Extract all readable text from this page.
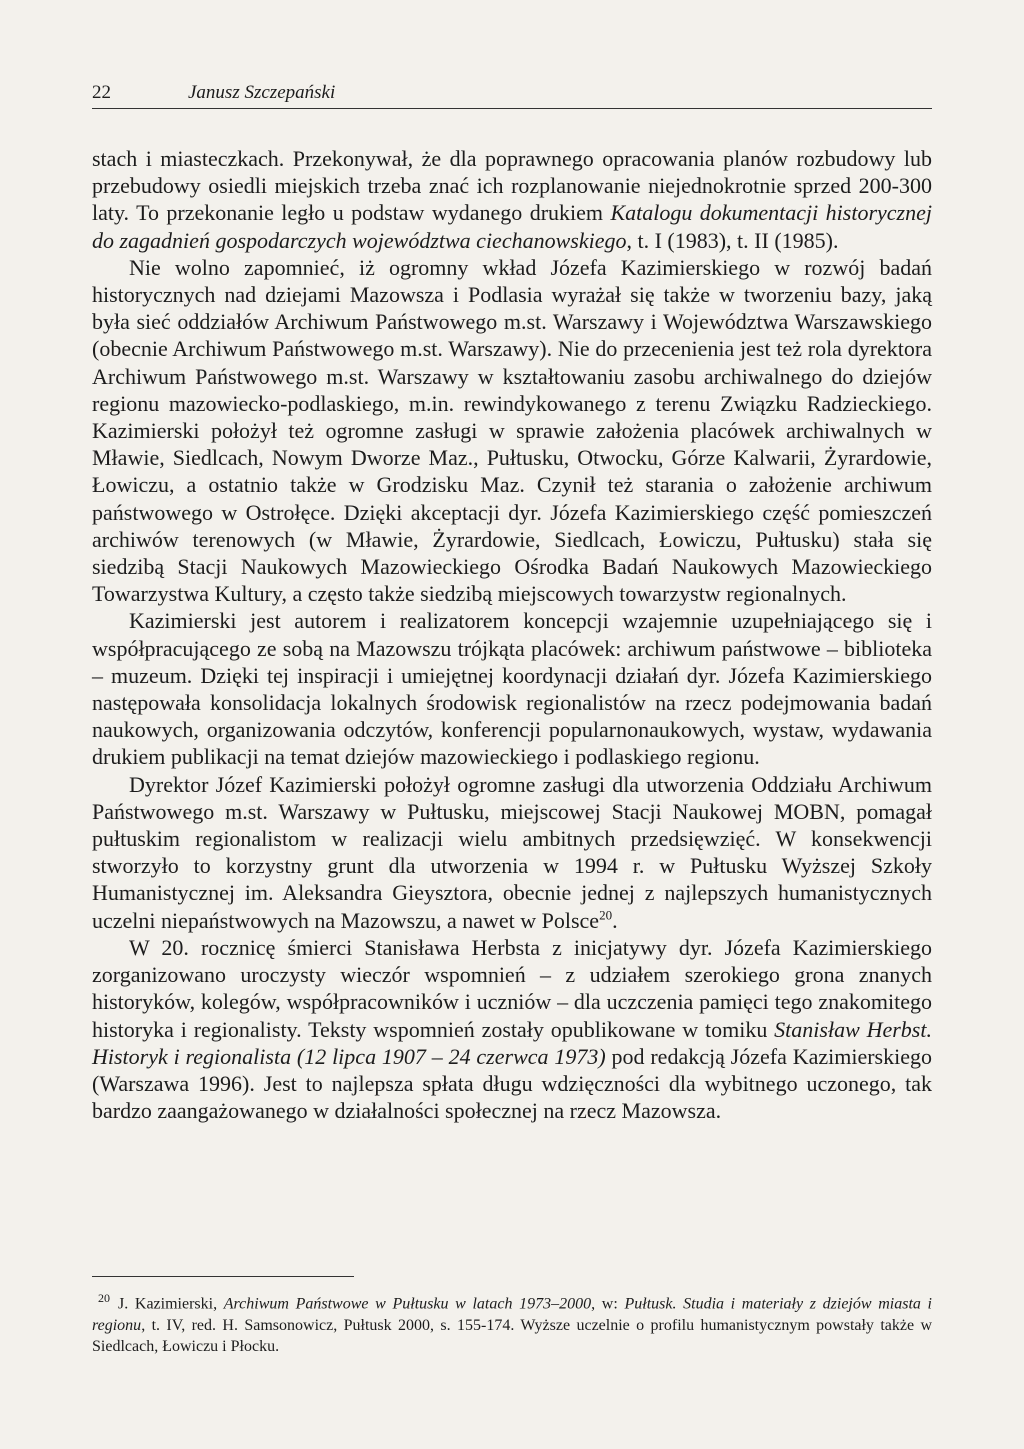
22	Janusz Szczepański

stach i miasteczkach. Przekonywał, że dla poprawnego opracowania planów rozbudowy lub przebudowy osiedli miejskich trzeba znać ich rozplanowanie niejednokrotnie sprzed 200-300 laty. To przekonanie legło u podstaw wydanego drukiem Katalogu dokumentacji historycznej do zagadnień gospodarczych województwa ciechanowskiego, t. I (1983), t. II (1985).

Nie wolno zapomnieć, iż ogromny wkład Józefa Kazimierskiego w rozwój badań historycznych nad dziejami Mazowsza i Podlasia wyrażał się także w tworzeniu bazy, jaką była sieć oddziałów Archiwum Państwowego m.st. Warszawy i Województwa Warszawskiego (obecnie Archiwum Państwowego m.st. Warszawy). Nie do przecenienia jest też rola dyrektora Archiwum Państwowego m.st. Warszawy w kształtowaniu zasobu archiwalnego do dziejów regionu mazowiecko-podlaskiego, m.in. rewindykowanego z terenu Związku Radzieckiego. Kazimierski położył też ogromne zasługi w sprawie założenia placówek archiwalnych w Mławie, Siedlcach, Nowym Dworze Maz., Pułtusku, Otwocku, Górze Kalwarii, Żyrardowie, Łowiczu, a ostatnio także w Grodzisku Maz. Czynił też starania o założenie archiwum państwowego w Ostrołęce. Dzięki akceptacji dyr. Józefa Kazimierskiego część pomieszczeń archiwów terenowych (w Mławie, Żyrardowie, Siedlcach, Łowiczu, Pułtusku) stała się siedzibą Stacji Naukowych Mazowieckiego Ośrodka Badań Naukowych Mazowieckiego Towarzystwa Kultury, a często także siedzibą miejscowych towarzystw regionalnych.

Kazimierski jest autorem i realizatorem koncepcji wzajemnie uzupełniającego się i współpracującego ze sobą na Mazowszu trójkąta placówek: archiwum państwowe – biblioteka – muzeum. Dzięki tej inspiracji i umiejętnej koordynacji działań dyr. Józefa Kazimierskiego następowała konsolidacja lokalnych środowisk regionalistów na rzecz podejmowania badań naukowych, organizowania odczytów, konferencji popularnonaukowych, wystaw, wydawania drukiem publikacji na temat dziejów mazowieckiego i podlaskiego regionu.

Dyrektor Józef Kazimierski położył ogromne zasługi dla utworzenia Oddziału Archiwum Państwowego m.st. Warszawy w Pułtusku, miejscowej Stacji Naukowej MOBN, pomagał pułtuskim regionalistom w realizacji wielu ambitnych przedsięwzięć. W konsekwencji stworzyło to korzystny grunt dla utworzenia w 1994 r. w Pułtusku Wyższej Szkoły Humanistycznej im. Aleksandra Gieysztora, obecnie jednej z najlepszych humanistycznych uczelni niepaństwowych na Mazowszu, a nawet w Polsce$^{20}$.

W 20. rocznicę śmierci Stanisława Herbsta z inicjatywy dyr. Józefa Kazimierskiego zorganizowano uroczysty wieczór wspomnień – z udziałem szerokiego grona znanych historyków, kolegów, współpracowników i uczniów – dla uczczenia pamięci tego znakomitego historyka i regionalisty. Teksty wspomnień zostały opublikowane w tomiku Stanisław Herbst. Historyk i regionalista (12 lipca 1907 – 24 czerwca 1973) pod redakcją Józefa Kazimierskiego (Warszawa 1996). Jest to najlepsza spłata długu wdzięczności dla wybitnego uczonego, tak bardzo zaangażowanego w działalności społecznej na rzecz Mazowsza.

$^{20}$ J. Kazimierski, Archiwum Państwowe w Pułtusku w latach 1973–2000, w: Pułtusk. Studia i materiały z dziejów miasta i regionu, t. IV, red. H. Samsonowicz, Pułtusk 2000, s. 155-174. Wyższe uczelnie o profilu humanistycznym powstały także w Siedlcach, Łowiczu i Płocku.
